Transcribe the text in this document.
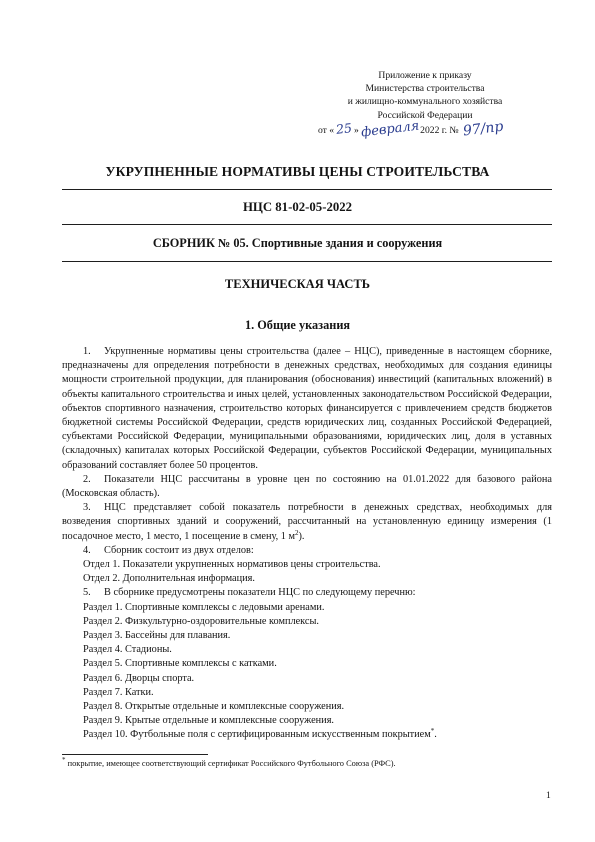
Приложение к приказу
Министерства строительства
и жилищно-коммунального хозяйства
Российской Федерации
от «25»февраля2022 г. № 97/пр
УКРУПНЕННЫЕ НОРМАТИВЫ ЦЕНЫ СТРОИТЕЛЬСТВА
НЦС 81-02-05-2022
СБОРНИК № 05. Спортивные здания и сооружения
ТЕХНИЧЕСКАЯ ЧАСТЬ
1. Общие указания

1. Укрупненные нормативы цены строительства (далее – НЦС), приведенные в настоящем сборнике, предназначены для определения потребности в денежных средствах, необходимых для создания единицы мощности строительной продукции, для планирования (обоснования) инвестиций (капитальных вложений) в объекты капитального строительства и иных целей, установленных законодательством Российской Федерации, объектов спортивного назначения, строительство которых финансируется с привлечением средств бюджетов бюджетной системы Российской Федерации, средств юридических лиц, созданных Российской Федерацией, субъектами Российской Федерации, муниципальными образованиями, юридических лиц, доля в уставных (складочных) капиталах которых Российской Федерации, субъектов Российской Федерации, муниципальных образований составляет более 50 процентов.

2. Показатели НЦС рассчитаны в уровне цен по состоянию на 01.01.2022 для базового района (Московская область).

3. НЦС представляет собой показатель потребности в денежных средствах, необходимых для возведения спортивных зданий и сооружений, рассчитанный на установленную единицу измерения (1 посадочное место, 1 место, 1 посещение в смену, 1 $м^2$).

4. Сборник состоит из двух отделов:

Отдел 1. Показатели укрупненных нормативов цены строительства.
Отдел 2. Дополнительная информация.

5. В сборнике предусмотрены показатели НЦС по следующему перечню:

Раздел 1. Спортивные комплексы с ледовыми аренами.
Раздел 2. Физкультурно-оздоровительные комплексы.
Раздел 3. Бассейны для плавания.
Раздел 4. Стадионы.
Раздел 5. Спортивные комплексы с катками.
Раздел 6. Дворцы спорта.
Раздел 7. Катки.
Раздел 8. Открытые отдельные и комплексные сооружения.
Раздел 9. Крытые отдельные и комплексные сооружения.
Раздел 10. Футбольные поля с сертифицированным искусственным покрытием*.
* покрытие, имеющее соответствующий сертификат Российского Футбольного Союза (РФС).
1
